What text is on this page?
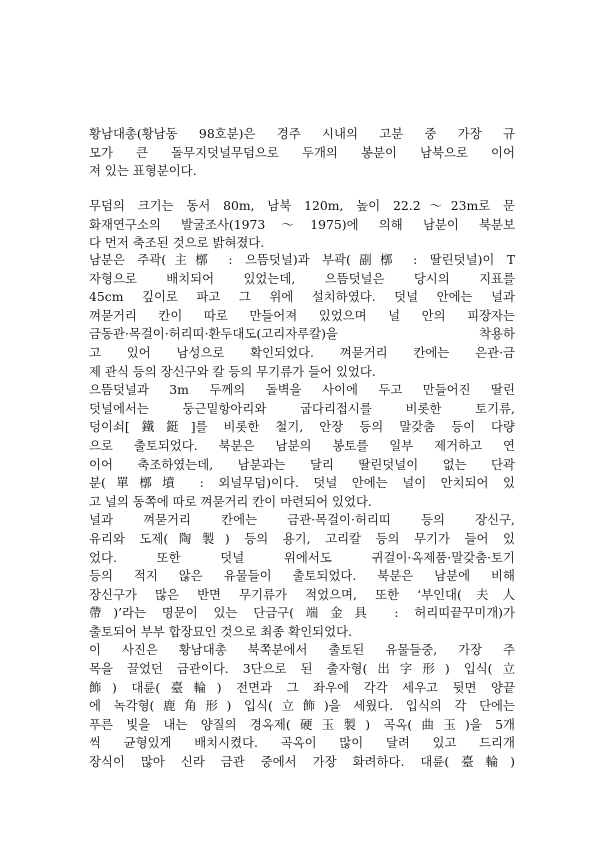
황남대총(황남동 98호분)은 경주 시내의 고분 중 가장 규
모가 큰 돌무지덧널무덤으로 두개의 봉분이 남북으로 이어
져 있는 표형분이다.
무덤의 크기는 동서 80m, 남북 120m, 높이 22.2～23m로 문
화재연구소의 발굴조사(1973～1975)에 의해 남분이 북분보
다 먼저 축조된 것으로 밝혀졌다.
남분은 주곽(主槨 : 으뜸덧널)과 부곽(副槨 : 딸린덧널)이 T
자형으로 배치되어 있었는데, 으뜸덧널은 당시의 지표를
45cm 깊이로 파고 그 위에 설치하였다. 덧널 안에는 널과
껴묻거리 칸이 따로 만들어져 있었으며 널 안의 피장자는
금동관·목걸이·허리띠·환두대도(고리자루칼)을 착용하
고 있어 남성으로 확인되었다. 껴묻거리 칸에는 은관·금
제 관식 등의 장신구와 칼 등의 무기류가 들어 있었다.
으뜸덧널과 3m 두께의 돌벽을 사이에 두고 만들어진 딸린
덧널에서는 둥근밑항아리와 굽다리접시를 비롯한 토기류,
덩이쇠[鐵鋌]를 비롯한 철기, 안장 등의 말갖춤 등이 다량
으로 출토되었다. 북분은 남분의 봉토를 일부 제거하고 연
이어 축조하였는데, 남분과는 달리 딸린덧널이 없는 단곽
분(單槨墳 : 외널무덤)이다. 덧널 안에는 널이 안치되어 있
고 널의 동쪽에 따로 껴묻거리 칸이 마련되어 있었다.
널과 껴묻거리 칸에는 금관·목걸이·허리띠 등의 장신구,
유리와 도제(陶製) 등의 용기, 고리칼 등의 무기가 들어 있
었다. 또한 덧널 위에서도 귀걸이·옥제품·말갖춤·토기
등의 적지 않은 유물들이 출토되었다. 북분은 남분에 비해
장신구가 많은 반면 무기류가 적었으며, 또한 ‘부인대(夫人
帶)’라는 명문이 있는 단금구(端金具 : 허리띠끝꾸미개)가
출토되어 부부 합장묘인 것으로 최종 확인되었다.
이 사진은 황남대총 북쪽분에서 출토된 유물들중, 가장 주
목을 끌었던 금관이다. 3단으로 된 출자형(出字形) 입식(立
飾) 대륜(臺輪) 전면과 그 좌우에 각각 세우고 뒷면 양끝
에 녹각형(鹿角形) 입식(立飾)을 세웠다. 입식의 각 단에는
푸른 빛을 내는 양질의 경옥제(硬玉製) 곡옥(曲玉)을 5개
씩 균형있게 배치시켰다. 곡옥이 많이 달려 있고 드리개
장식이 많아 신라 금관 중에서 가장 화려하다. 대륜(臺輪)
